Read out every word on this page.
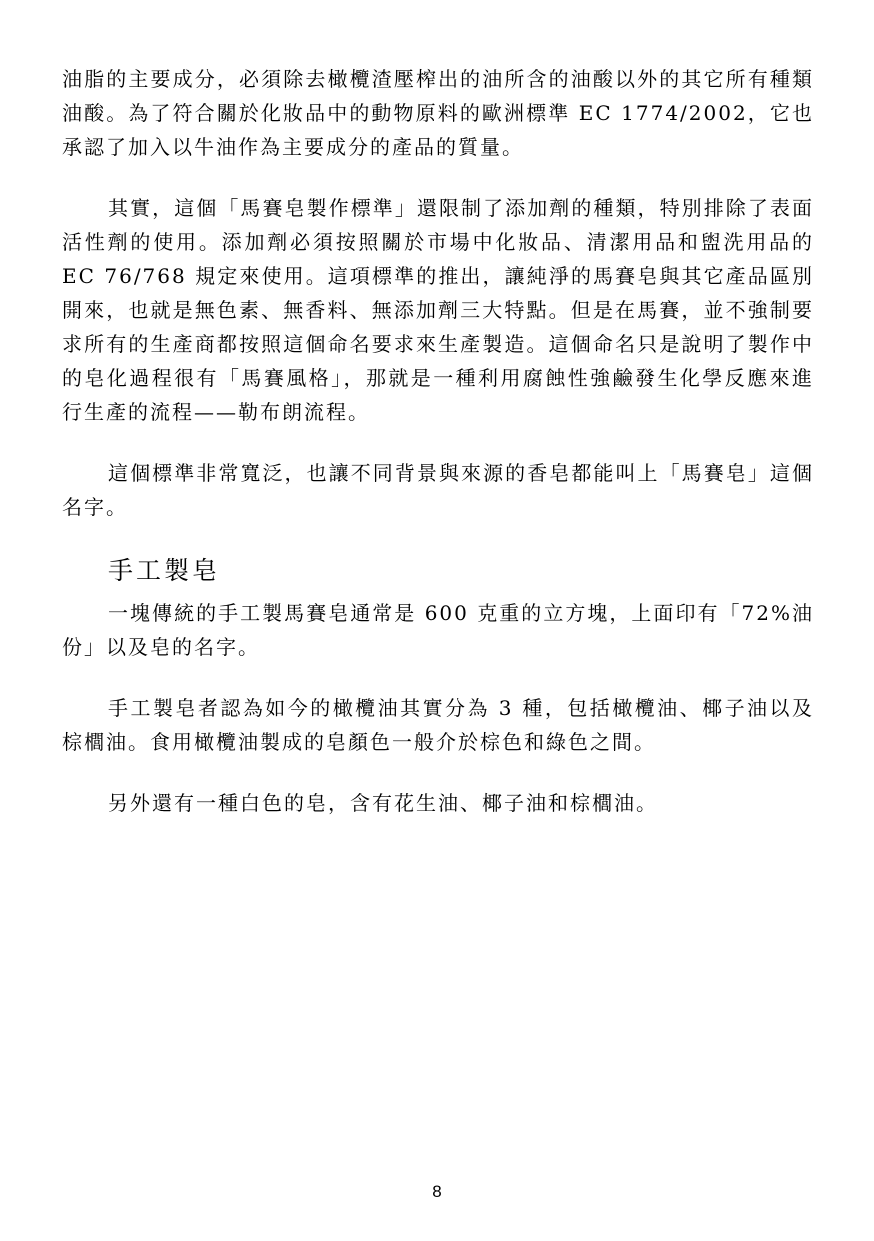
油脂的主要成分，必須除去橄欖渣壓榨出的油所含的油酸以外的其它所有種類油酸。為了符合關於化妝品中的動物原料的歐洲標準 EC 1774/2002，它也承認了加入以牛油作為主要成分的產品的質量。

其實，這個「馬賽皂製作標準」還限制了添加劑的種類，特別排除了表面活性劑的使用。添加劑必須按照關於市場中化妝品、清潔用品和盥洗用品的 EC 76/768 規定來使用。這項標準的推出，讓純淨的馬賽皂與其它產品區別開來，也就是無色素、無香料、無添加劑三大特點。但是在馬賽，並不強制要求所有的生產商都按照這個命名要求來生產製造。這個命名只是說明了製作中的皂化過程很有「馬賽風格」，那就是一種利用腐蝕性強鹼發生化學反應來進行生產的流程——勒布朗流程。

這個標準非常寬泛，也讓不同背景與來源的香皂都能叫上「馬賽皂」這個名字。

手工製皂

一塊傳統的手工製馬賽皂通常是 600 克重的立方塊，上面印有「72%油份」以及皂的名字。

手工製皂者認為如今的橄欖油其實分為 3 種，包括橄欖油、椰子油以及棕櫚油。食用橄欖油製成的皂顏色一般介於棕色和綠色之間。

另外還有一種白色的皂，含有花生油、椰子油和棕櫚油。

8
